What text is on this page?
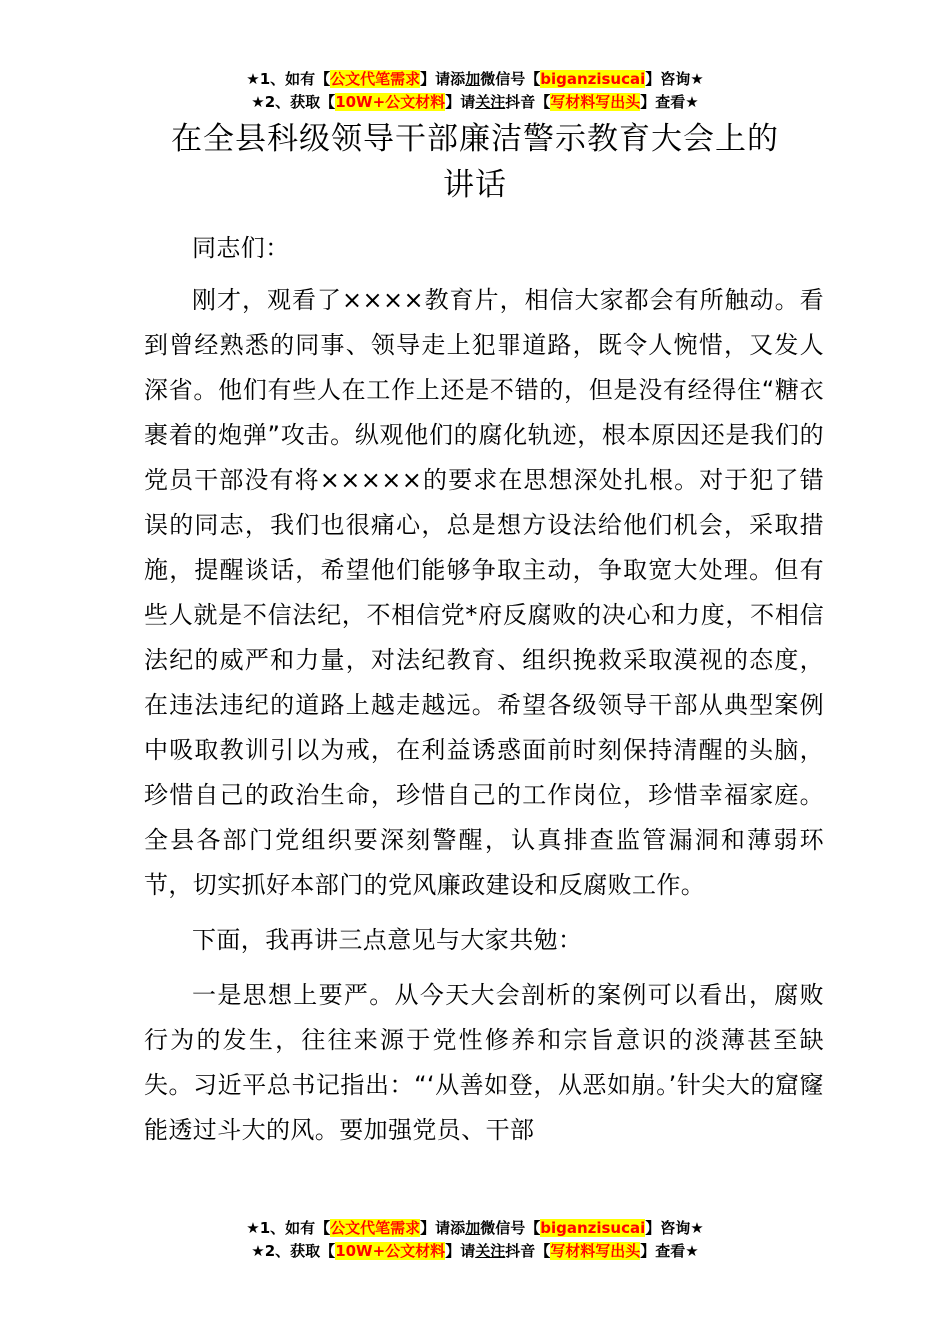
★1、如有【公文代笔需求】请添加微信号【biganzisucai】咨询★
★2、获取【10W+公文材料】请关注抖音【写材料写出头】查看★
在全县科级领导干部廉洁警示教育大会上的
讲话

同志们：

刚才，观看了××××教育片，相信大家都会有所触动。看到曾经熟悉的同事、领导走上犯罪道路，既令人惋惜，又发人深省。他们有些人在工作上还是不错的，但是没有经得住“糖衣裹着的炮弹”攻击。纵观他们的腐化轨迹，根本原因还是我们的党员干部没有将×××××的要求在思想深处扎根。对于犯了错误的同志，我们也很痛心，总是想方设法给他们机会，采取措施，提醒谈话，希望他们能够争取主动，争取宽大处理。但有些人就是不信法纪，不相信党*府反腐败的决心和力度，不相信法纪的威严和力量，对法纪教育、组织挽救采取漠视的态度，在违法违纪的道路上越走越远。希望各级领导干部从典型案例中吸取教训引以为戒，在利益诱惑面前时刻保持清醒的头脑，珍惜自己的政治生命，珍惜自己的工作岗位，珍惜幸福家庭。全县各部门党组织要深刻警醒，认真排查监管漏洞和薄弱环节，切实抓好本部门的党风廉政建设和反腐败工作。

下面，我再讲三点意见与大家共勉：

一是思想上要严。从今天大会剖析的案例可以看出，腐败行为的发生，往往来源于党性修养和宗旨意识的淡薄甚至缺失。习近平总书记指出：“‘从善如登，从恶如崩。’针尖大的窟窿能透过斗大的风。要加强党员、干部

★1、如有【公文代笔需求】请添加微信号【biganzisucai】咨询★
★2、获取【10W+公文材料】请关注抖音【写材料写出头】查看★
